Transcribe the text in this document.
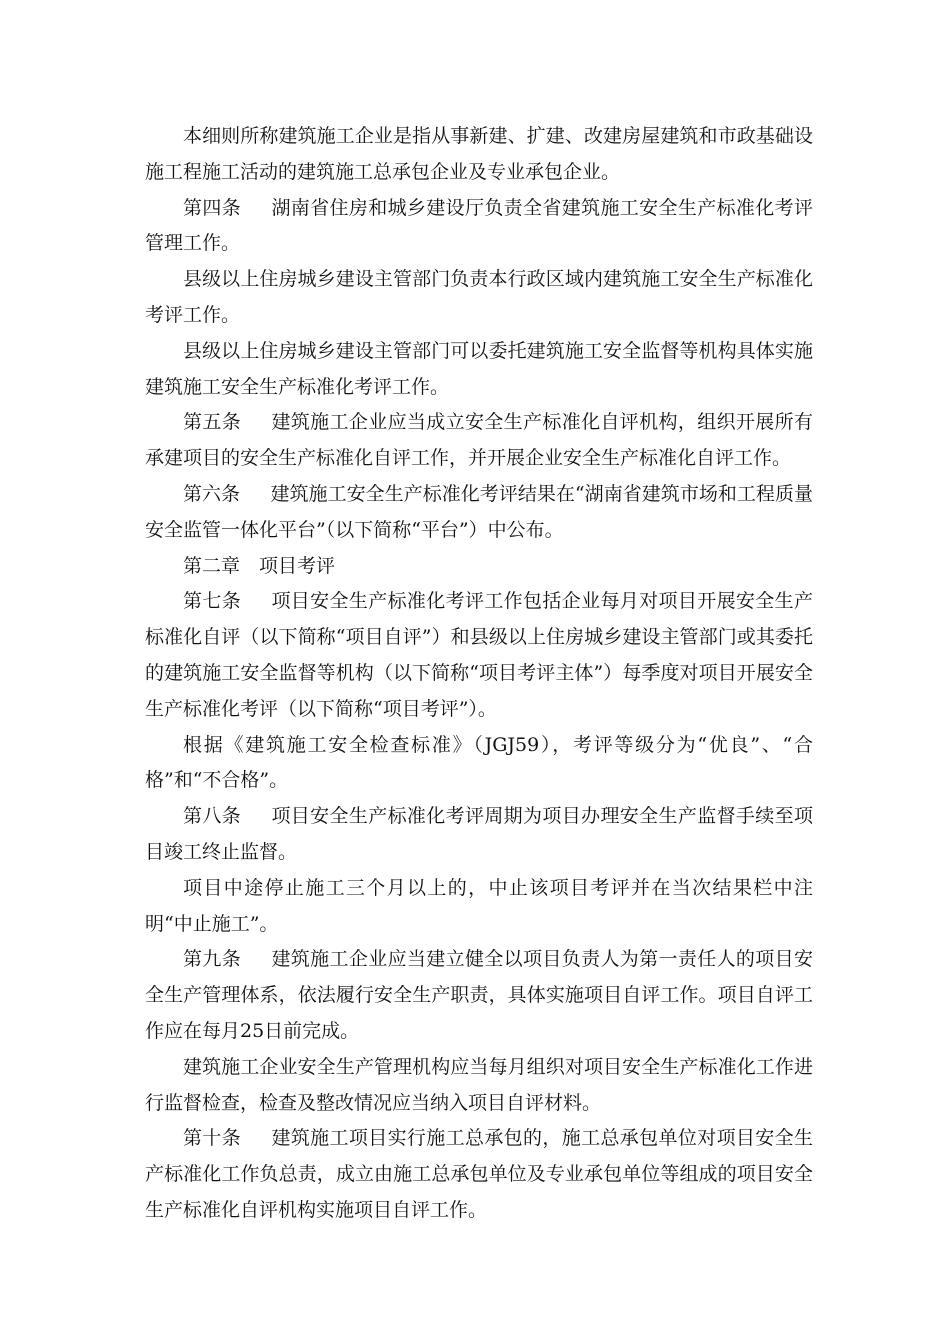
本细则所称建筑施工企业是指从事新建、扩建、改建房屋建筑和市政基础设施工程施工活动的建筑施工总承包企业及专业承包企业。

第四条 湖南省住房和城乡建设厅负责全省建筑施工安全生产标准化考评管理工作。

县级以上住房城乡建设主管部门负责本行政区域内建筑施工安全生产标准化考评工作。

县级以上住房城乡建设主管部门可以委托建筑施工安全监督等机构具体实施建筑施工安全生产标准化考评工作。

第五条 建筑施工企业应当成立安全生产标准化自评机构，组织开展所有承建项目的安全生产标准化自评工作，并开展企业安全生产标准化自评工作。

第六条 建筑施工安全生产标准化考评结果在“湖南省建筑市场和工程质量安全监管一体化平台”（以下简称“平台”）中公布。

第二章 项目考评

第七条 项目安全生产标准化考评工作包括企业每月对项目开展安全生产标准化自评（以下简称“项目自评”）和县级以上住房城乡建设主管部门或其委托的建筑施工安全监督等机构（以下简称“项目考评主体”）每季度对项目开展安全生产标准化考评（以下简称“项目考评”）。

根据《建筑施工安全检查标准》（JGJ59），考评等级分为“优良”、“合格”和“不合格”。

第八条 项目安全生产标准化考评周期为项目办理安全生产监督手续至项目竣工终止监督。

项目中途停止施工三个月以上的，中止该项目考评并在当次结果栏中注明“中止施工”。

第九条 建筑施工企业应当建立健全以项目负责人为第一责任人的项目安全生产管理体系，依法履行安全生产职责，具体实施项目自评工作。项目自评工作应在每月25日前完成。

建筑施工企业安全生产管理机构应当每月组织对项目安全生产标准化工作进行监督检查，检查及整改情况应当纳入项目自评材料。

第十条 建筑施工项目实行施工总承包的，施工总承包单位对项目安全生产标准化工作负总责，成立由施工总承包单位及专业承包单位等组成的项目安全生产标准化自评机构实施项目自评工作。
